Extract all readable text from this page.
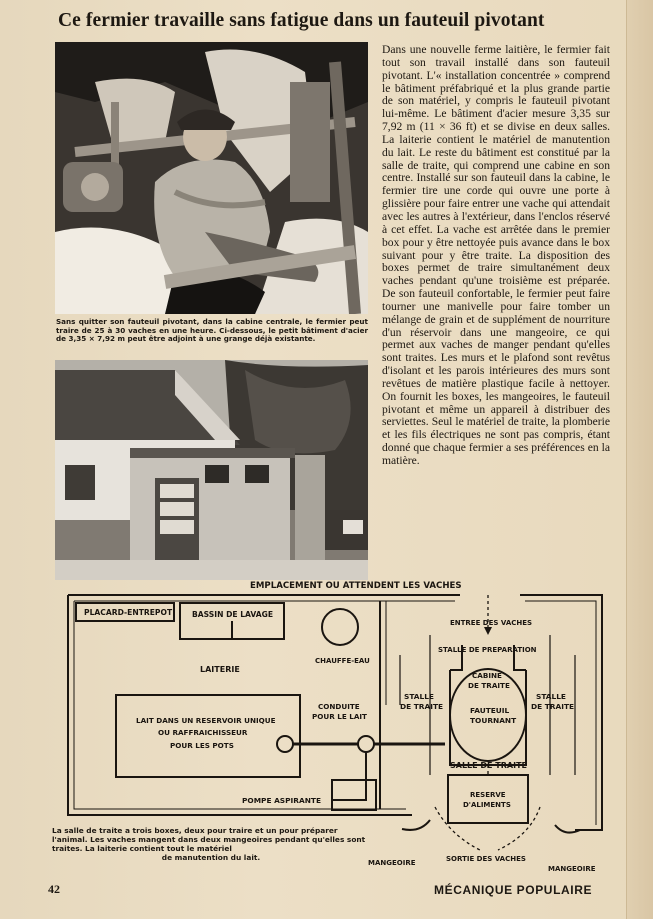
Ce fermier travaille sans fatigue dans un fauteuil pivotant
Sans quitter son fauteuil pivotant, dans la cabine centrale, le fermier peut traire de 25 à 30 vaches en une heure. Ci-dessous, le petit bâtiment d'acier de 3,35 × 7,92 m peut être adjoint à une grange déjà existante.
Dans une nouvelle ferme laitière, le fermier fait tout son travail installé dans son fauteuil pivotant. L'« installation concentrée » comprend le bâtiment préfabriqué et la plus grande partie de son matériel, y compris le fauteuil pivotant lui-même. Le bâtiment d'acier mesure 3,35 sur 7,92 m (11 × 36 ft) et se divise en deux salles. La laiterie contient le matériel de manutention du lait. Le reste du bâtiment est constitué par la salle de traite, qui comprend une cabine en son centre. Installé sur son fauteuil dans la cabine, le fermier tire une corde qui ouvre une porte à glissière pour faire entrer une vache qui attendait avec les autres à l'extérieur, dans l'enclos réservé à cet effet. La vache est arrêtée dans le premier box pour y être nettoyée puis avance dans le box suivant pour y être traite. La disposition des boxes permet de traire simultanément deux vaches pendant qu'une troisième est préparée. De son fauteuil confortable, le fermier peut faire tourner une manivelle pour faire tomber un mélange de grain et de supplément de nourriture d'un réservoir dans une mangeoire, ce qui permet aux vaches de manger pendant qu'elles sont traites. Les murs et le plafond sont revêtus d'isolant et les parois intérieures des murs sont revêtues de matière plastique facile à nettoyer. On fournit les boxes, les mangeoires, le fauteuil pivotant et même un appareil à distribuer des serviettes. Seul le matériel de traite, la plomberie et les fils électriques ne sont pas compris, étant donné que chaque fermier a ses préférences en la matière.
EMPLACEMENT OU ATTENDENT LES VACHES
PLACARD-ENTREPOT	BASSIN DE LAVAGE
ENTREE DES VACHES
STALLE DE PREPARATION
CHAUFFE-EAU
LAITERIE
CABINE
DE TRAITE
STALLE
DE TRAITE
STALLE
DE TRAITE
FAUTEUIL
TOURNANT
CONDUITE
POUR LE LAIT
LAIT DANS UN RESERVOIR UNIQUE
OU RAFFRAICHISSEUR
POUR LES POTS
SALLE DE TRAITE
RESERVE
D'ALIMENTS
POMPE ASPIRANTE
MANGEOIRE
MANGEOIRE
SORTIE DES VACHES
La salle de traite a trois boxes, deux pour traire et un pour préparer l'animal. Les vaches mangent dans deux mangeoires pendant qu'elles sont traites. La laiterie contient tout le matériel
de manutention du lait.
42	MÉCANIQUE POPULAIRE
